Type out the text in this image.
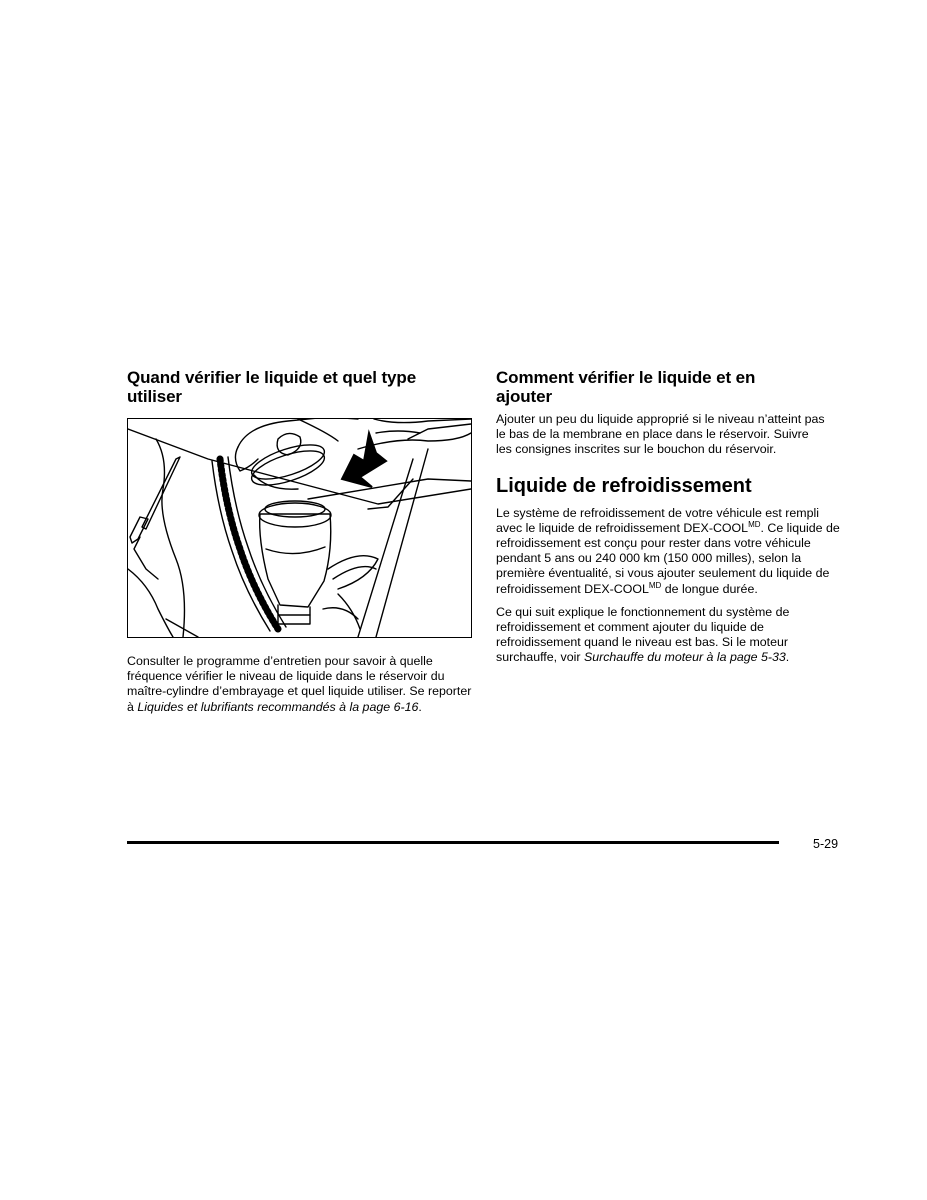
Quand vérifier le liquide et quel type utiliser

Consulter le programme d’entretien pour savoir à quelle fréquence vérifier le niveau de liquide dans le réservoir du maître-cylindre d’embrayage et quel liquide utiliser. Se reporter à Liquides et lubrifiants recommandés à la page 6-16.

Comment vérifier le liquide et en ajouter

Ajouter un peu du liquide approprié si le niveau n’atteint pas le bas de la membrane en place dans le réservoir. Suivre les consignes inscrites sur le bouchon du réservoir.

Liquide de refroidissement

Le système de refroidissement de votre véhicule est rempli avec le liquide de refroidissement DEX-$COOL^{MD}$. Ce liquide de refroidissement est conçu pour rester dans votre véhicule pendant 5 ans ou 240 000 km (150 000 milles), selon la première éventualité, si vous ajouter seulement du liquide de refroidissement DEX-$COOL^{MD}$ de longue durée.

Ce qui suit explique le fonctionnement du système de refroidissement et comment ajouter du liquide de refroidissement quand le niveau est bas. Si le moteur surchauffe, voir Surchauffe du moteur à la page 5-33.

5-29
